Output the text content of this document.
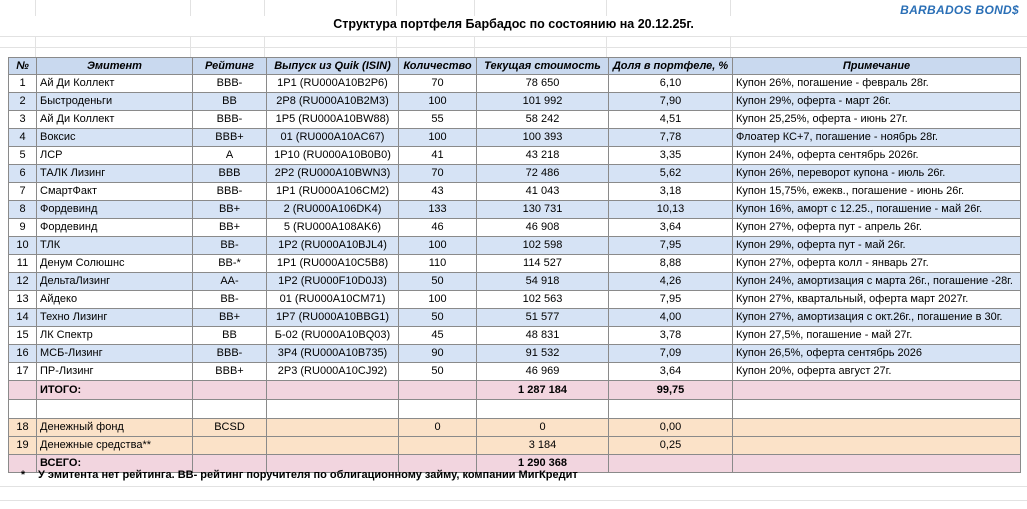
BARBADOS BOND$
Структура портфеля Барбадос по состоянию на 20.12.25г.
№	Эмитент	Рейтинг	Выпуск из Quik (ISIN)	Количество	Текущая стоимость	Доля в портфеле, %	Примечание
1	Ай Ди Коллект	BBB-	1Р1 (RU000A10B2P6)	70	78 650	6,10	Купон 26%, погашение - февраль 28г.
2	Быстроденьги	BB	2Р8 (RU000A10B2M3)	100	101 992	7,90	Купон 29%, оферта - март 26г.
3	Ай Ди Коллект	BBB-	1Р5 (RU000A10BW88)	55	58 242	4,51	Купон 25,25%, оферта - июнь 27г.
4	Воксис	BBB+	01 (RU000A10AC67)	100	100 393	7,78	Флоатер КС+7, погашение - ноябрь 28г.
5	ЛСР	A	1Р10 (RU000A10B0B0)	41	43 218	3,35	Купон 24%, оферта сентябрь 2026г.
6	ТАЛК Лизинг	BBB	2Р2 (RU000A10BWN3)	70	72 486	5,62	Купон 26%, переворот купона - июль 26г.
7	СмартФакт	BBB-	1Р1 (RU000A106CM2)	43	41 043	3,18	Купон 15,75%, ежекв., погашение - июнь 26г.
8	Фордевинд	BB+	2 (RU000A106DK4)	133	130 731	10,13	Купон 16%, аморт с 12.25., погашение - май 26г.
9	Фордевинд	BB+	5 (RU000A108AK6)	46	46 908	3,64	Купон 27%, оферта пут - апрель 26г.
10	ТЛК	BB-	1Р2 (RU000A10BJL4)	100	102 598	7,95	Купон 29%, оферта пут - май 26г.
11	Денум Солюшнс	BB-*	1Р1 (RU000A10C5B8)	110	114 527	8,88	Купон 27%, оферта колл - январь 27г.
12	ДельтаЛизинг	AA-	1Р2 (RU000F10D0J3)	50	54 918	4,26	Купон 24%, амортизация с марта 26г., погашение -28г.
13	Айдеко	BB-	01 (RU000A10CM71)	100	102 563	7,95	Купон 27%, квартальный, оферта март 2027г.
14	Техно Лизинг	BB+	1Р7 (RU000A10BBG1)	50	51 577	4,00	Купон 27%, амортизация с окт.26г., погашение в 30г.
15	ЛК Спектр	BB	Б-02 (RU000A10BQ03)	45	48 831	3,78	Купон 27,5%, погашение - май 27г.
16	МСБ-Лизинг	BBB-	3Р4 (RU000A10B735)	90	91 532	7,09	Купон 26,5%, оферта сентябрь 2026
17	ПР-Лизинг	BBB+	2Р3 (RU000A10CJ92)	50	46 969	3,64	Купон 20%, оферта август 27г.
	ИТОГО:				1 287 184	99,75	

18	Денежный фонд	BCSD		0	0	0,00	
19	Денежные средства**				3 184	0,25	
	ВСЕГО:				1 290 368		
* У эмитента нет рейтинга. BB- рейтинг поручителя по облигационному займу, компании МигКредит
